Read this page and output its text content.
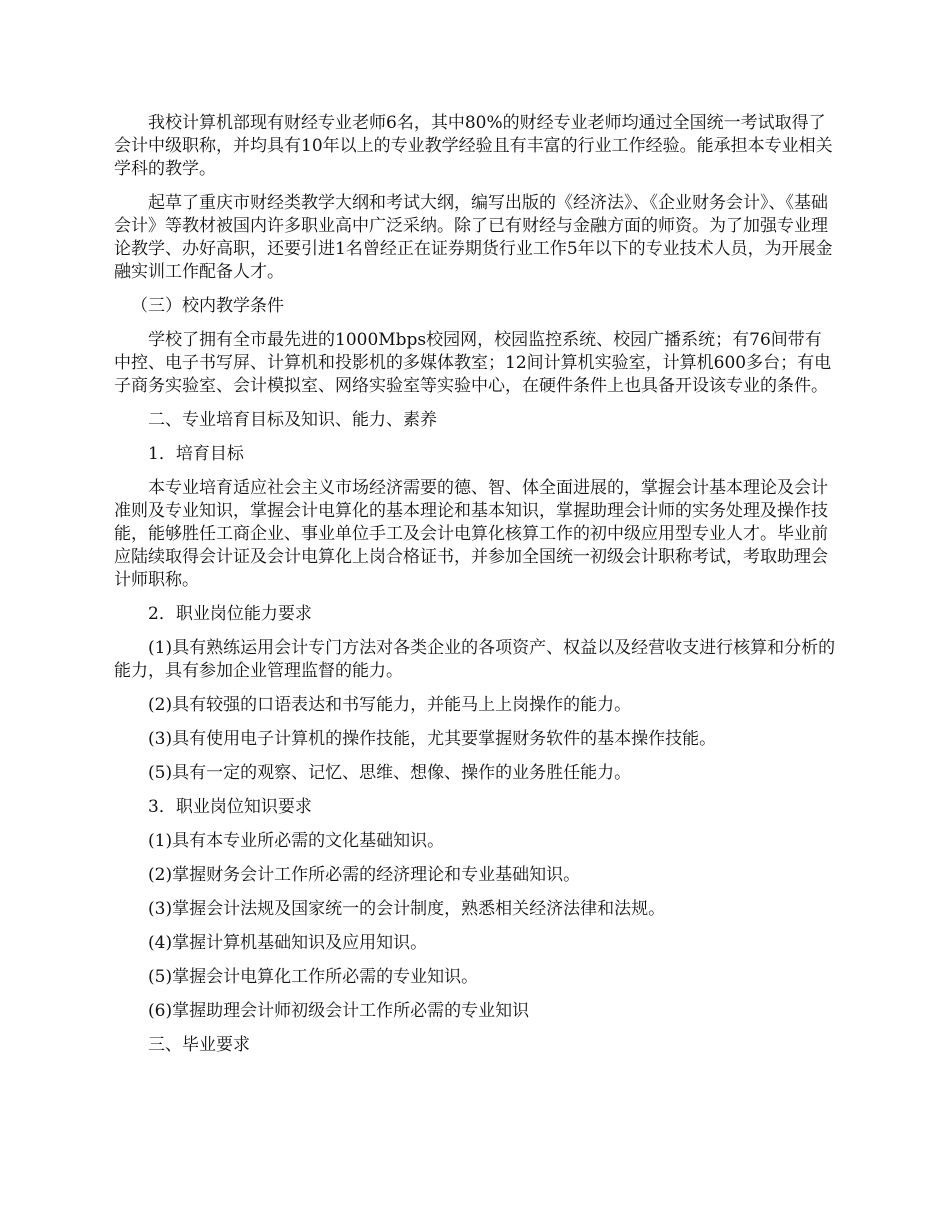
我校计算机部现有财经专业老师6名，其中80%的财经专业老师均通过全国统一考试取得了会计中级职称，并均具有10年以上的专业教学经验且有丰富的行业工作经验。能承担本专业相关学科的教学。

起草了重庆市财经类教学大纲和考试大纲，编写出版的《经济法》、《企业财务会计》、《基础会计》等教材被国内许多职业高中广泛采纳。除了已有财经与金融方面的师资。为了加强专业理论教学、办好高职，还要引进1名曾经正在证券期货行业工作5年以下的专业技术人员，为开展金融实训工作配备人才。

（三）校内教学条件

学校了拥有全市最先进的1000Mbps校园网，校园监控系统、校园广播系统；有76间带有中控、电子书写屏、计算机和投影机的多媒体教室；12间计算机实验室，计算机600多台；有电子商务实验室、会计模拟室、网络实验室等实验中心，在硬件条件上也具备开设该专业的条件。

二、专业培育目标及知识、能力、素养

1．培育目标

本专业培育适应社会主义市场经济需要的德、智、体全面进展的，掌握会计基本理论及会计准则及专业知识，掌握会计电算化的基本理论和基本知识，掌握助理会计师的实务处理及操作技能，能够胜任工商企业、事业单位手工及会计电算化核算工作的初中级应用型专业人才。毕业前应陆续取得会计证及会计电算化上岗合格证书，并参加全国统一初级会计职称考试，考取助理会计师职称。

2．职业岗位能力要求

(1)具有熟练运用会计专门方法对各类企业的各项资产、权益以及经营收支进行核算和分析的能力，具有参加企业管理监督的能力。

(2)具有较强的口语表达和书写能力，并能马上上岗操作的能力。

(3)具有使用电子计算机的操作技能，尤其要掌握财务软件的基本操作技能。

(5)具有一定的观察、记忆、思维、想像、操作的业务胜任能力。

3．职业岗位知识要求

(1)具有本专业所必需的文化基础知识。

(2)掌握财务会计工作所必需的经济理论和专业基础知识。

(3)掌握会计法规及国家统一的会计制度，熟悉相关经济法律和法规。

(4)掌握计算机基础知识及应用知识。

(5)掌握会计电算化工作所必需的专业知识。

(6)掌握助理会计师初级会计工作所必需的专业知识

三、毕业要求
